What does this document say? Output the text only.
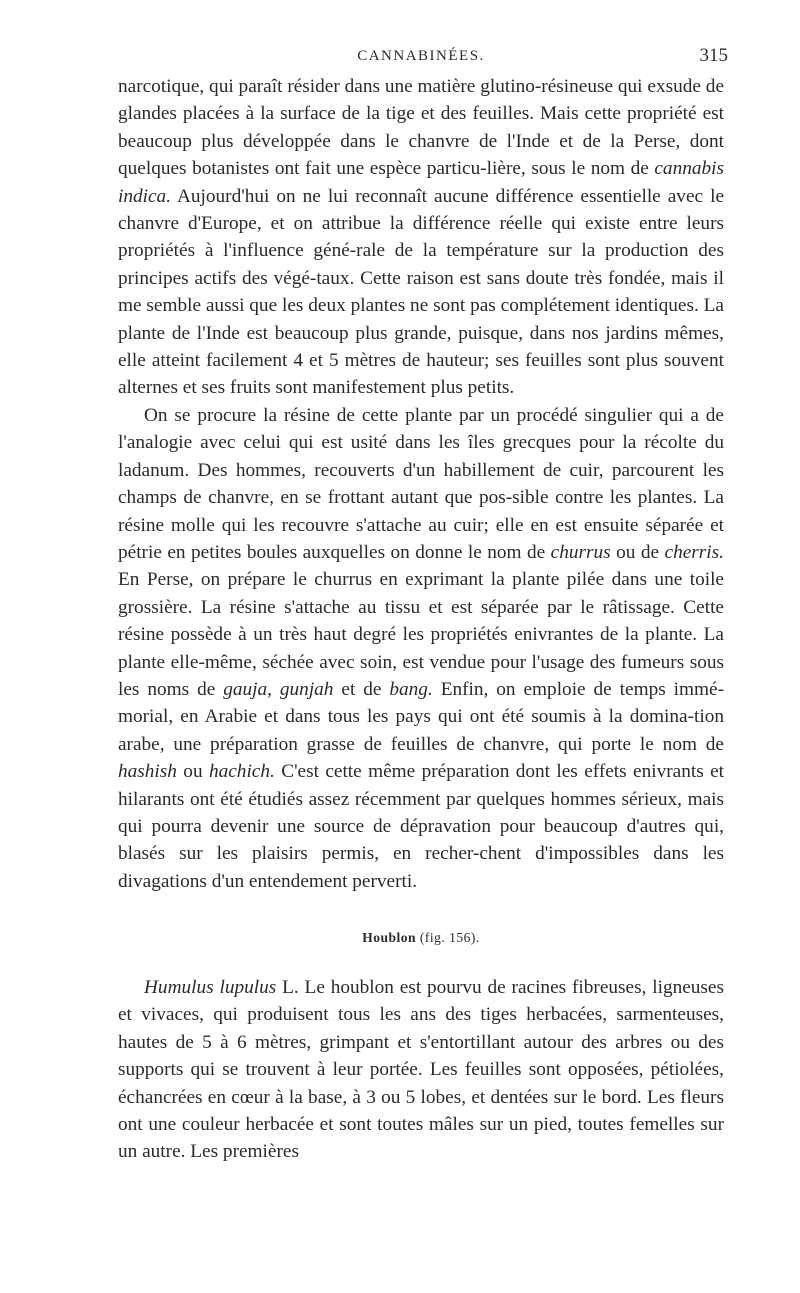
CANNABINÉES.	315

narcotique, qui paraît résider dans une matière glutino-résineuse qui exsude de glandes placées à la surface de la tige et des feuilles. Mais cette propriété est beaucoup plus développée dans le chanvre de l'Inde et de la Perse, dont quelques botanistes ont fait une espèce particu-lière, sous le nom de cannabis indica. Aujourd'hui on ne lui reconnaît aucune différence essentielle avec le chanvre d'Europe, et on attribue la différence réelle qui existe entre leurs propriétés à l'influence géné-rale de la température sur la production des principes actifs des végé-taux. Cette raison est sans doute très fondée, mais il me semble aussi que les deux plantes ne sont pas complétement identiques. La plante de l'Inde est beaucoup plus grande, puisque, dans nos jardins mêmes, elle atteint facilement 4 et 5 mètres de hauteur; ses feuilles sont plus souvent alternes et ses fruits sont manifestement plus petits.

On se procure la résine de cette plante par un procédé singulier qui a de l'analogie avec celui qui est usité dans les îles grecques pour la récolte du ladanum. Des hommes, recouverts d'un habillement de cuir, parcourent les champs de chanvre, en se frottant autant que pos-sible contre les plantes. La résine molle qui les recouvre s'attache au cuir; elle en est ensuite séparée et pétrie en petites boules auxquelles on donne le nom de churrus ou de cherris. En Perse, on prépare le churrus en exprimant la plante pilée dans une toile grossière. La résine s'attache au tissu et est séparée par le râtissage. Cette résine possède à un très haut degré les propriétés enivrantes de la plante. La plante elle-même, séchée avec soin, est vendue pour l'usage des fumeurs sous les noms de gauja, gunjah et de bang. Enfin, on emploie de temps immé-morial, en Arabie et dans tous les pays qui ont été soumis à la domina-tion arabe, une préparation grasse de feuilles de chanvre, qui porte le nom de hashish ou hachich. C'est cette même préparation dont les effets enivrants et hilarants ont été étudiés assez récemment par quelques hommes sérieux, mais qui pourra devenir une source de dépravation pour beaucoup d'autres qui, blasés sur les plaisirs permis, en recher-chent d'impossibles dans les divagations d'un entendement perverti.

Houblon (fig. 156).

Humulus lupulus L. Le houblon est pourvu de racines fibreuses, ligneuses et vivaces, qui produisent tous les ans des tiges herbacées, sarmenteuses, hautes de 5 à 6 mètres, grimpant et s'entortillant autour des arbres ou des supports qui se trouvent à leur portée. Les feuilles sont opposées, pétiolées, échancrées en cœur à la base, à 3 ou 5 lobes, et dentées sur le bord. Les fleurs ont une couleur herbacée et sont toutes mâles sur un pied, toutes femelles sur un autre. Les premières
